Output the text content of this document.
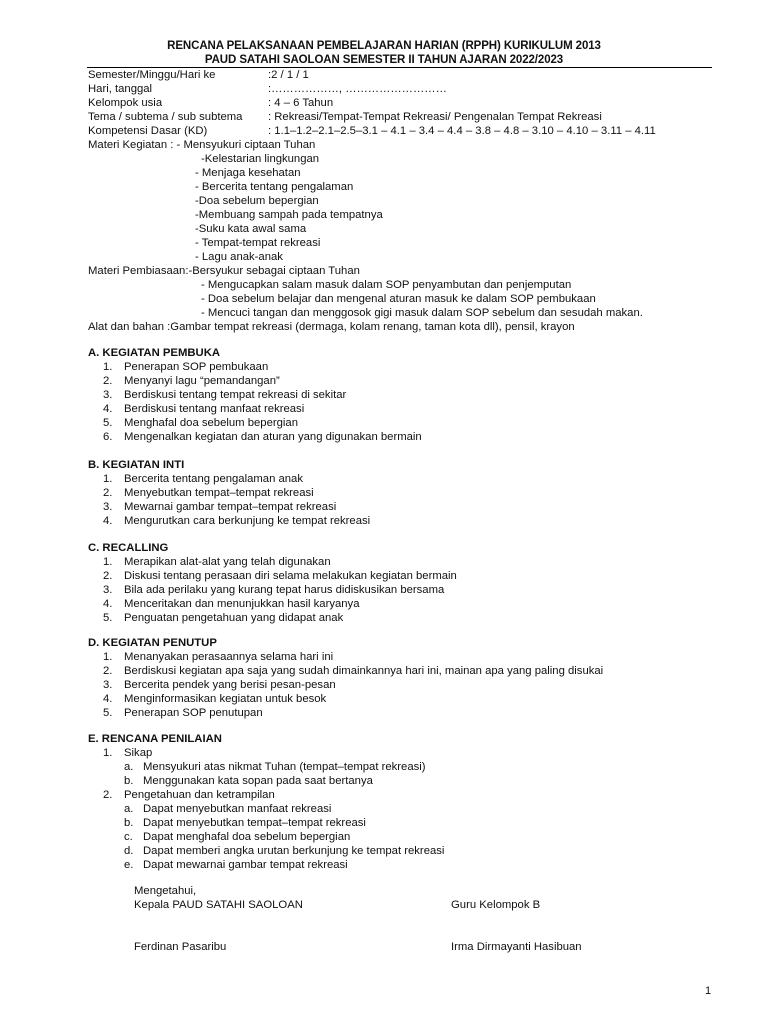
RENCANA PELAKSANAAN PEMBELAJARAN HARIAN (RPPH) KURIKULUM 2013
PAUD SATAHI SAOLOAN SEMESTER II TAHUN AJARAN 2022/2023
Semester/Minggu/Hari ke	:2 / 1 / 1
Hari, tanggal	:………………, ………………………
Kelompok usia	: 4 – 6 Tahun
Tema / subtema / sub subtema : Rekreasi/Tempat-Tempat Rekreasi/ Pengenalan Tempat Rekreasi
Kompetensi Dasar (KD)	: 1.1–1.2–2.1–2.5–3.1 – 4.1 – 3.4 – 4.4 – 3.8 – 4.8 – 3.10 – 4.10 – 3.11 – 4.11
Materi Kegiatan : - Mensyukuri ciptaan Tuhan
-Kelestarian lingkungan
- Menjaga kesehatan
- Bercerita tentang pengalaman
-Doa sebelum bepergian
-Membuang sampah pada tempatnya
-Suku kata awal sama
- Tempat-tempat rekreasi
- Lagu anak-anak
Materi Pembiasaan:-Bersyukur sebagai ciptaan Tuhan
- Mengucapkan salam masuk dalam SOP penyambutan dan penjemputan
- Doa sebelum belajar dan mengenal aturan masuk ke dalam SOP pembukaan
- Mencuci tangan dan menggosok gigi masuk dalam SOP sebelum dan sesudah makan.
Alat dan bahan :Gambar tempat rekreasi (dermaga, kolam renang, taman kota dll), pensil, krayon
A. KEGIATAN PEMBUKA
1. Penerapan SOP pembukaan
2. Menyanyi lagu “pemandangan”
3. Berdiskusi tentang tempat rekreasi di sekitar
4. Berdiskusi tentang manfaat rekreasi
5. Menghafal doa sebelum bepergian
6. Mengenalkan kegiatan dan aturan yang digunakan bermain
B. KEGIATAN INTI
1. Bercerita tentang pengalaman anak
2. Menyebutkan tempat–tempat rekreasi
3. Mewarnai gambar tempat–tempat rekreasi
4. Mengurutkan cara berkunjung ke tempat rekreasi
C. RECALLING
1. Merapikan alat-alat yang telah digunakan
2. Diskusi tentang perasaan diri selama melakukan kegiatan bermain
3. Bila ada perilaku yang kurang tepat harus didiskusikan bersama
4. Menceritakan dan menunjukkan hasil karyanya
5. Penguatan pengetahuan yang didapat anak
D. KEGIATAN PENUTUP
1. Menanyakan perasaannya selama hari ini
2. Berdiskusi kegiatan apa saja yang sudah dimainkannya hari ini, mainan apa yang paling disukai
3. Bercerita pendek yang berisi pesan-pesan
4. Menginformasikan kegiatan untuk besok
5. Penerapan SOP penutupan
E. RENCANA PENILAIAN
1. Sikap
a. Mensyukuri atas nikmat Tuhan (tempat–tempat rekreasi)
b. Menggunakan kata sopan pada saat bertanya
2. Pengetahuan dan ketrampilan
a. Dapat menyebutkan manfaat rekreasi
b. Dapat menyebutkan tempat–tempat rekreasi
c. Dapat menghafal doa sebelum bepergian
d. Dapat memberi angka urutan berkunjung ke tempat rekreasi
e. Dapat mewarnai gambar tempat rekreasi
Mengetahui,
Kepala PAUD SATAHI SAOLOAN	Guru Kelompok B
Ferdinan Pasaribu	Irma Dirmayanti Hasibuan
1
